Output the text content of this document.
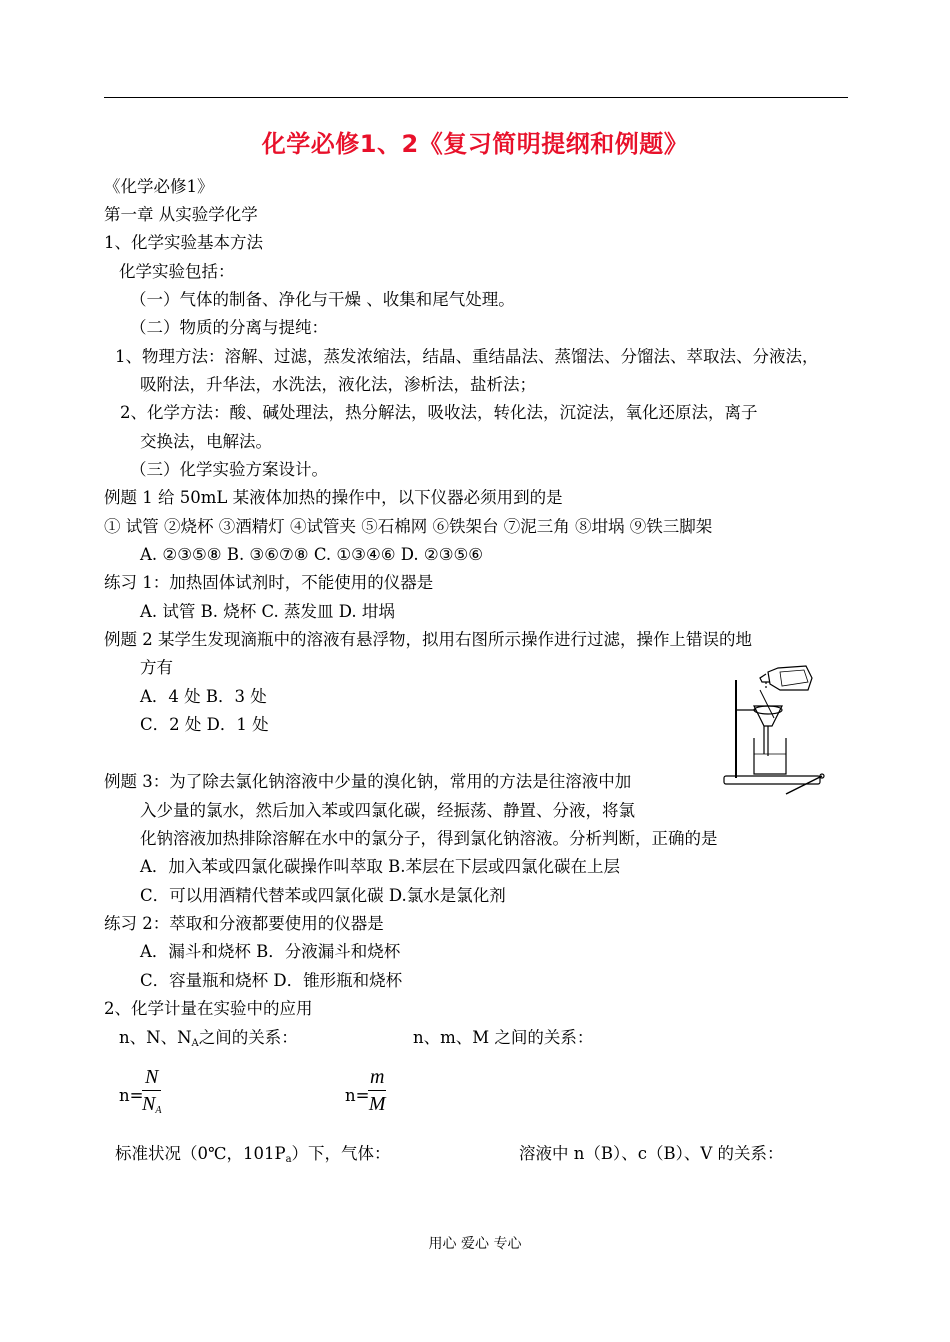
化学必修1、2《复习简明提纲和例题》
《化学必修1》
第一章 从实验学化学
1、化学实验基本方法
化学实验包括：
（一）气体的制备、净化与干燥 、收集和尾气处理。
（二）物质的分离与提纯：
1、物理方法：溶解、过滤，蒸发浓缩法，结晶、重结晶法、蒸馏法、分馏法、萃取法、分液法，
吸附法，升华法，水洗法，液化法，渗析法，盐析法；
2、化学方法：酸、碱处理法，热分解法，吸收法，转化法，沉淀法，氧化还原法，离子
交换法，电解法。
（三）化学实验方案设计。
例题 1 给 50mL 某液体加热的操作中，以下仪器必须用到的是
① 试管 ②烧杯 ③酒精灯 ④试管夹 ⑤石棉网 ⑥铁架台 ⑦泥三角 ⑧坩埚 ⑨铁三脚架
A. ②③⑤⑧ B. ③⑥⑦⑧ C. ①③④⑥ D. ②③⑤⑥
练习 1：加热固体试剂时，不能使用的仪器是
A. 试管 B. 烧杯 C. 蒸发皿 D. 坩埚
例题 2 某学生发现滴瓶中的溶液有悬浮物，拟用右图所示操作进行过滤，操作上错误的地
方有
A．4 处 B．3 处
C．2 处 D．1 处
例题 3：为了除去氯化钠溶液中少量的溴化钠，常用的方法是往溶液中加
入少量的氯水，然后加入苯或四氯化碳，经振荡、静置、分液，将氯
化钠溶液加热排除溶解在水中的氯分子，得到氯化钠溶液。分析判断，正确的是
A．加入苯或四氯化碳操作叫萃取 B.苯层在下层或四氯化碳在上层
C．可以用酒精代替苯或四氯化碳 D.氯水是氯化剂
练习 2：萃取和分液都要使用的仪器是
A．漏斗和烧杯 B．分液漏斗和烧杯
C．容量瓶和烧杯 D．锥形瓶和烧杯
2、化学计量在实验中的应用
n、N、$N_A$之间的关系：	n、m、M 之间的关系：
n=
N
$N_A$
n=
m
M
标准状况（0℃，$101P_a$）下，气体：	溶液中 n（B）、c（B）、V 的关系：
用心 爱心 专心
